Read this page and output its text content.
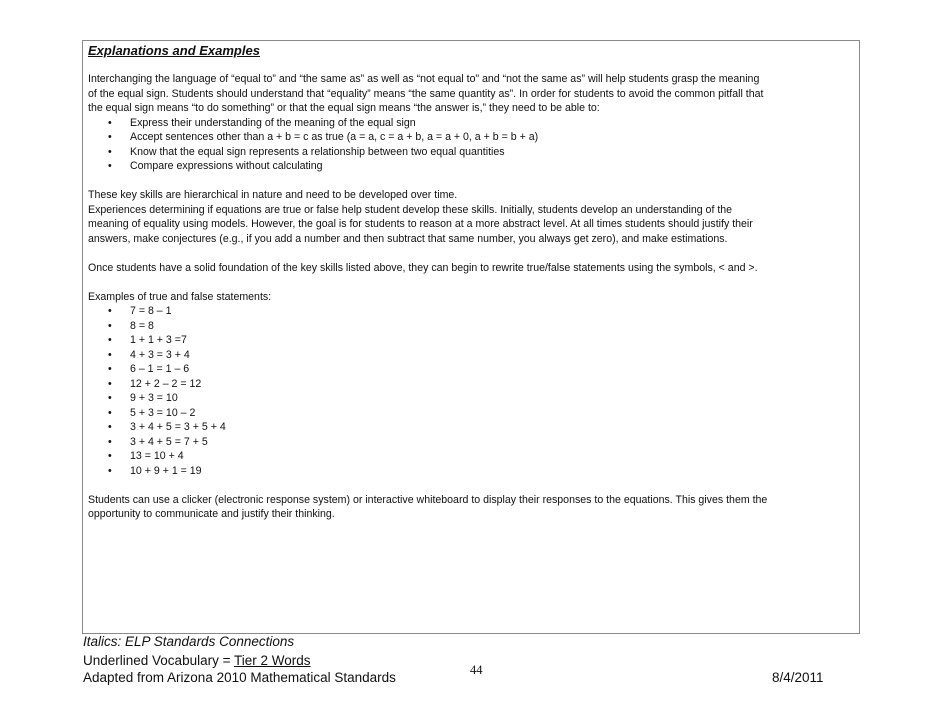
Explanations and Examples
Interchanging the language of “equal to” and “the same as” as well as “not equal to” and “not the same as” will help students grasp the meaning
of the equal sign. Students should understand that “equality” means “the same quantity as”. In order for students to avoid the common pitfall that
the equal sign means “to do something” or that the equal sign means “the answer is,” they need to be able to:
• Express their understanding of the meaning of the equal sign
• Accept sentences other than a + b = c as true (a = a, c = a + b, a = a + 0, a + b = b + a)
• Know that the equal sign represents a relationship between two equal quantities
• Compare expressions without calculating
These key skills are hierarchical in nature and need to be developed over time.
Experiences determining if equations are true or false help student develop these skills. Initially, students develop an understanding of the
meaning of equality using models. However, the goal is for students to reason at a more abstract level. At all times students should justify their
answers, make conjectures (e.g., if you add a number and then subtract that same number, you always get zero), and make estimations.
Once students have a solid foundation of the key skills listed above, they can begin to rewrite true/false statements using the symbols, < and >.
Examples of true and false statements:
• 7 = 8 – 1
• 8 = 8
• 1 + 1 + 3 =7
• 4 + 3 = 3 + 4
• 6 – 1 = 1 – 6
• 12 + 2 – 2 = 12
• 9 + 3 = 10
• 5 + 3 = 10 – 2
• 3 + 4 + 5 = 3 + 5 + 4
• 3 + 4 + 5 = 7 + 5
• 13 = 10 + 4
• 10 + 9 + 1 = 19
Students can use a clicker (electronic response system) or interactive whiteboard to display their responses to the equations. This gives them the
opportunity to communicate and justify their thinking.
Italics: ELP Standards Connections
Underlined Vocabulary = Tier 2 Words
Adapted from Arizona 2010 Mathematical Standards	44	8/4/2011
